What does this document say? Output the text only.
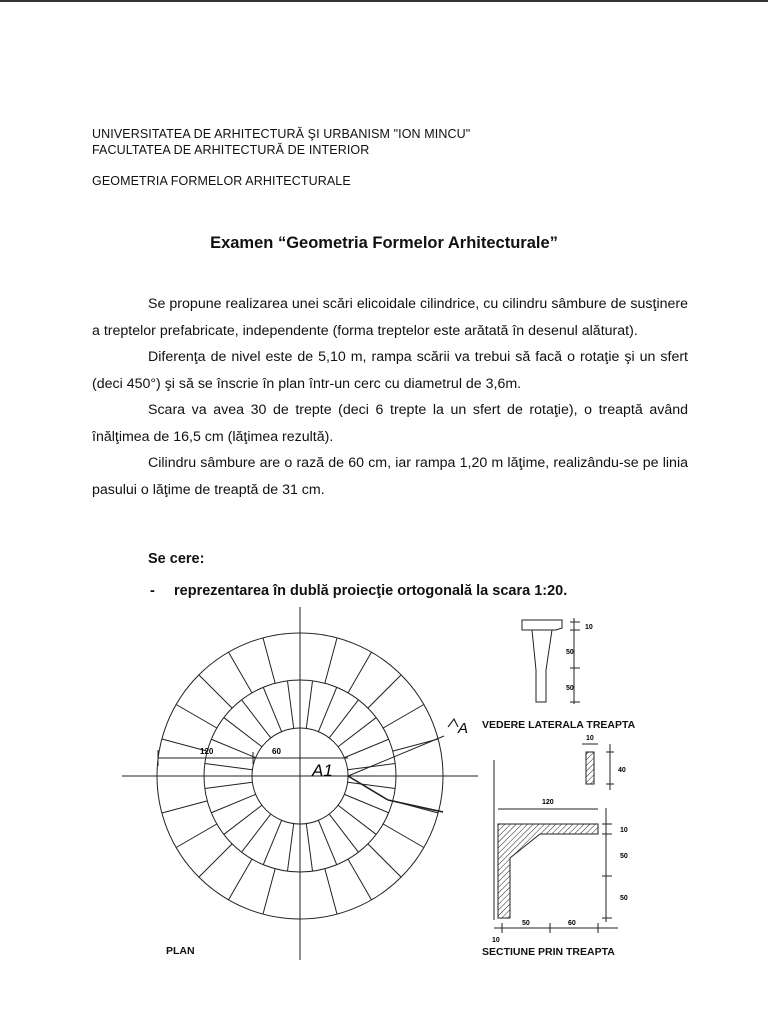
UNIVERSITATEA DE ARHITECTURĂ ŞI URBANISM "ION MINCU"
FACULTATEA DE ARHITECTURĂ DE INTERIOR
GEOMETRIA FORMELOR ARHITECTURALE
Examen “Geometria Formelor Arhitecturale”

Se propune realizarea unei scări elicoidale cilindrice, cu cilindru sâmbure de susţinere a treptelor prefabricate, independente (forma treptelor este arătată în desenul alăturat).

Diferenţa de nivel este de 5,10 m, rampa scării va trebui să facă o rotaţie şi un sfert (deci 450°) şi să se înscrie în plan într-un cerc cu diametrul de 3,6m.

Scara va avea 30 de trepte (deci 6 trepte la un sfert de rotaţie), o treaptă având înălţimea de 16,5 cm (lăţimea rezultă).

Cilindru sâmbure are o rază de 60 cm, iar rampa 1,20 m lăţime, realizându-se pe linia pasului o lăţime de treaptă de 31 cm.

Se cere:
- reprezentarea în dublă proiecţie ortogonală la scara 1:20.
120	60
A1
A
PLAN
10
50
50
VEDERE LATERALA TREAPTA
10
40
120
10
50
50
50	60
10
SECTIUNE PRIN TREAPTA
